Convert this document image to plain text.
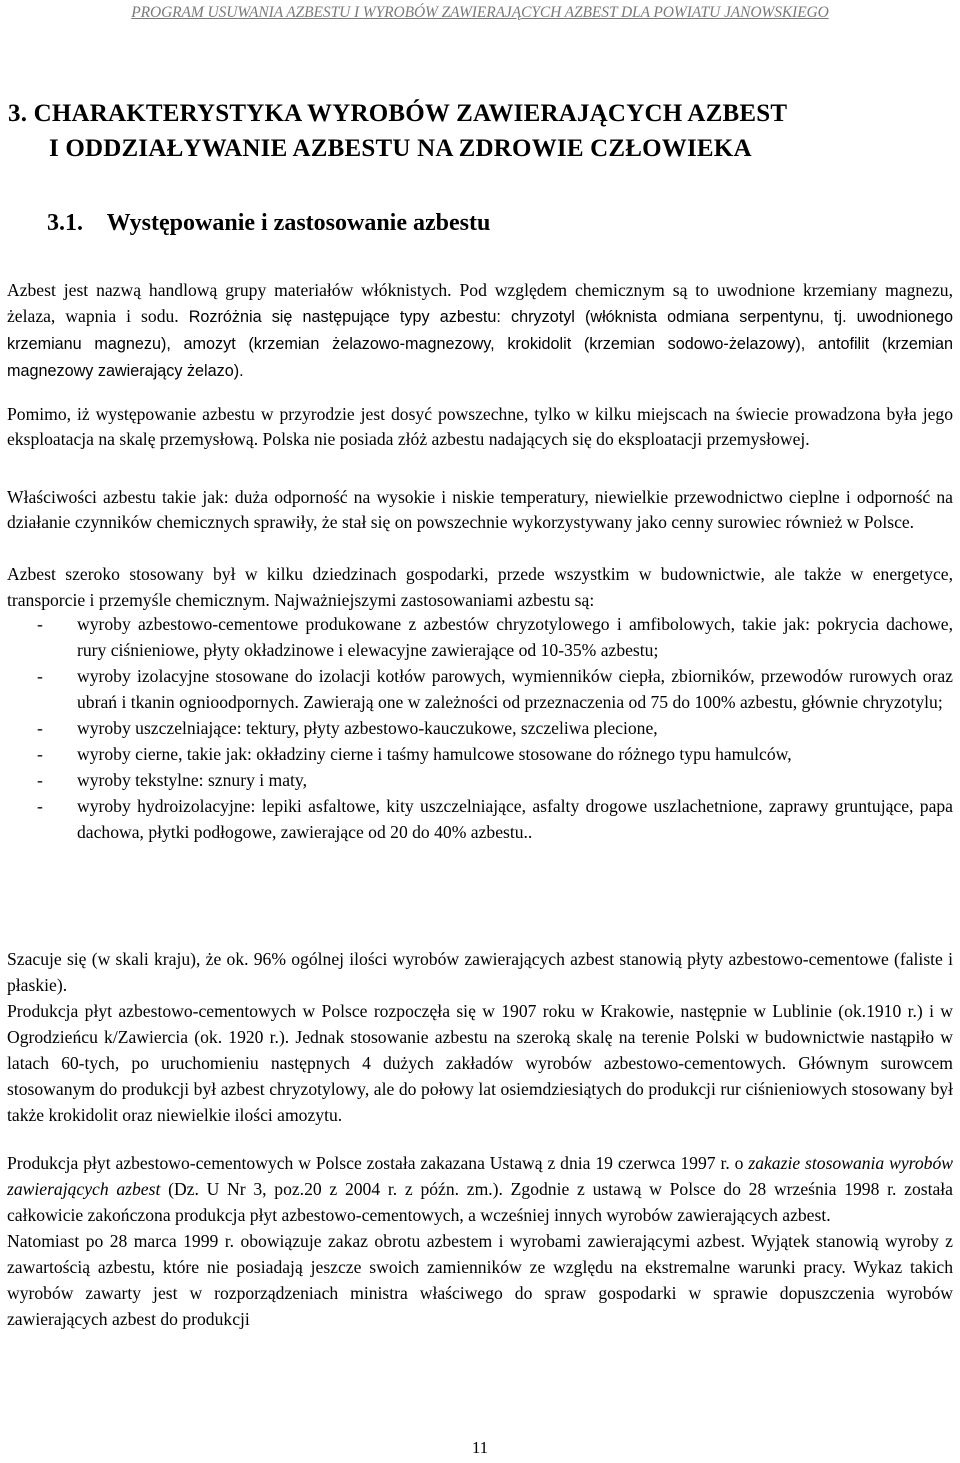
PROGRAM USUWANIA AZBESTU I WYROBÓW ZAWIERAJĄCYCH AZBEST DLA POWIATU JANOWSKIEGO
3. CHARAKTERYSTYKA WYROBÓW ZAWIERAJĄCYCH AZBEST
I ODDZIAŁYWANIE AZBESTU NA ZDROWIE CZŁOWIEKA
3.1.    Występowanie i zastosowanie azbestu

Azbest jest nazwą handlową grupy materiałów włóknistych. Pod względem chemicznym są to uwodnione krzemiany magnezu, żelaza, wapnia i sodu. Rozróżnia się następujące typy azbestu: chryzotyl (włóknista odmiana serpentynu, tj. uwodnionego krzemianu magnezu), amozyt (krzemian żelazowo-magnezowy, krokidolit (krzemian sodowo-żelazowy), antofilit (krzemian magnezowy zawierający żelazo).

Pomimo, iż występowanie azbestu w przyrodzie jest dosyć powszechne, tylko w kilku miejscach na świecie prowadzona była jego eksploatacja na skalę przemysłową. Polska nie posiada złóż azbestu nadających się do eksploatacji przemysłowej.

Właściwości azbestu takie jak: duża odporność na wysokie i niskie temperatury, niewielkie przewodnictwo cieplne i odporność na działanie czynników chemicznych sprawiły, że stał się on powszechnie wykorzystywany jako cenny surowiec również w Polsce.

Azbest szeroko stosowany był w kilku dziedzinach gospodarki, przede wszystkim w budownictwie, ale także w energetyce, transporcie i przemyśle chemicznym. Najważniejszymi zastosowaniami azbestu są:

- wyroby azbestowo-cementowe produkowane z azbestów chryzotylowego i amfibolowych, takie jak: pokrycia dachowe, rury ciśnieniowe, płyty okładzinowe i elewacyjne zawierające od 10-35% azbestu;
- wyroby izolacyjne stosowane do izolacji kotłów parowych, wymienników ciepła, zbiorników, przewodów rurowych oraz ubrań i tkanin ognioodpornych. Zawierają one w zależności od przeznaczenia od 75 do 100% azbestu, głównie chryzotylu;
- wyroby uszczelniające: tektury, płyty azbestowo-kauczukowe, szczeliwa plecione,
- wyroby cierne, takie jak: okładziny cierne i taśmy hamulcowe stosowane do różnego typu hamulców,
- wyroby tekstylne: sznury i maty,
- wyroby hydroizolacyjne: lepiki asfaltowe, kity uszczelniające, asfalty drogowe uszlachetnione, zaprawy gruntujące, papa dachowa, płytki podłogowe, zawierające od 20 do 40% azbestu..

Szacuje się (w skali kraju), że ok. 96% ogólnej ilości wyrobów zawierających azbest stanowią płyty azbestowo-cementowe (faliste i płaskie).

Produkcja płyt azbestowo-cementowych w Polsce rozpoczęła się w 1907 roku w Krakowie, następnie w Lublinie (ok.1910 r.) i w Ogrodzieńcu k/Zawiercia (ok. 1920 r.). Jednak stosowanie azbestu na szeroką skalę na terenie Polski w budownictwie nastąpiło w latach 60-tych, po uruchomieniu następnych 4 dużych zakładów wyrobów azbestowo-cementowych. Głównym surowcem stosowanym do produkcji był azbest chryzotylowy, ale do połowy lat osiemdziesiątych do produkcji rur ciśnieniowych stosowany był także krokidolit oraz niewielkie ilości amozytu.

Produkcja płyt azbestowo-cementowych w Polsce została zakazana Ustawą z dnia 19 czerwca 1997 r. o zakazie stosowania wyrobów zawierających azbest (Dz. U Nr 3, poz.20 z 2004 r. z późn. zm.). Zgodnie z ustawą w Polsce do 28 września 1998 r. została całkowicie zakończona produkcja płyt azbestowo-cementowych, a wcześniej innych wyrobów zawierających azbest.

Natomiast po 28 marca 1999 r. obowiązuje zakaz obrotu azbestem i wyrobami zawierającymi azbest. Wyjątek stanowią wyroby z zawartością azbestu, które nie posiadają jeszcze swoich zamienników ze względu na ekstremalne warunki pracy. Wykaz takich wyrobów zawarty jest w rozporządzeniach ministra właściwego do spraw gospodarki w sprawie dopuszczenia wyrobów zawierających azbest do produkcji

11
